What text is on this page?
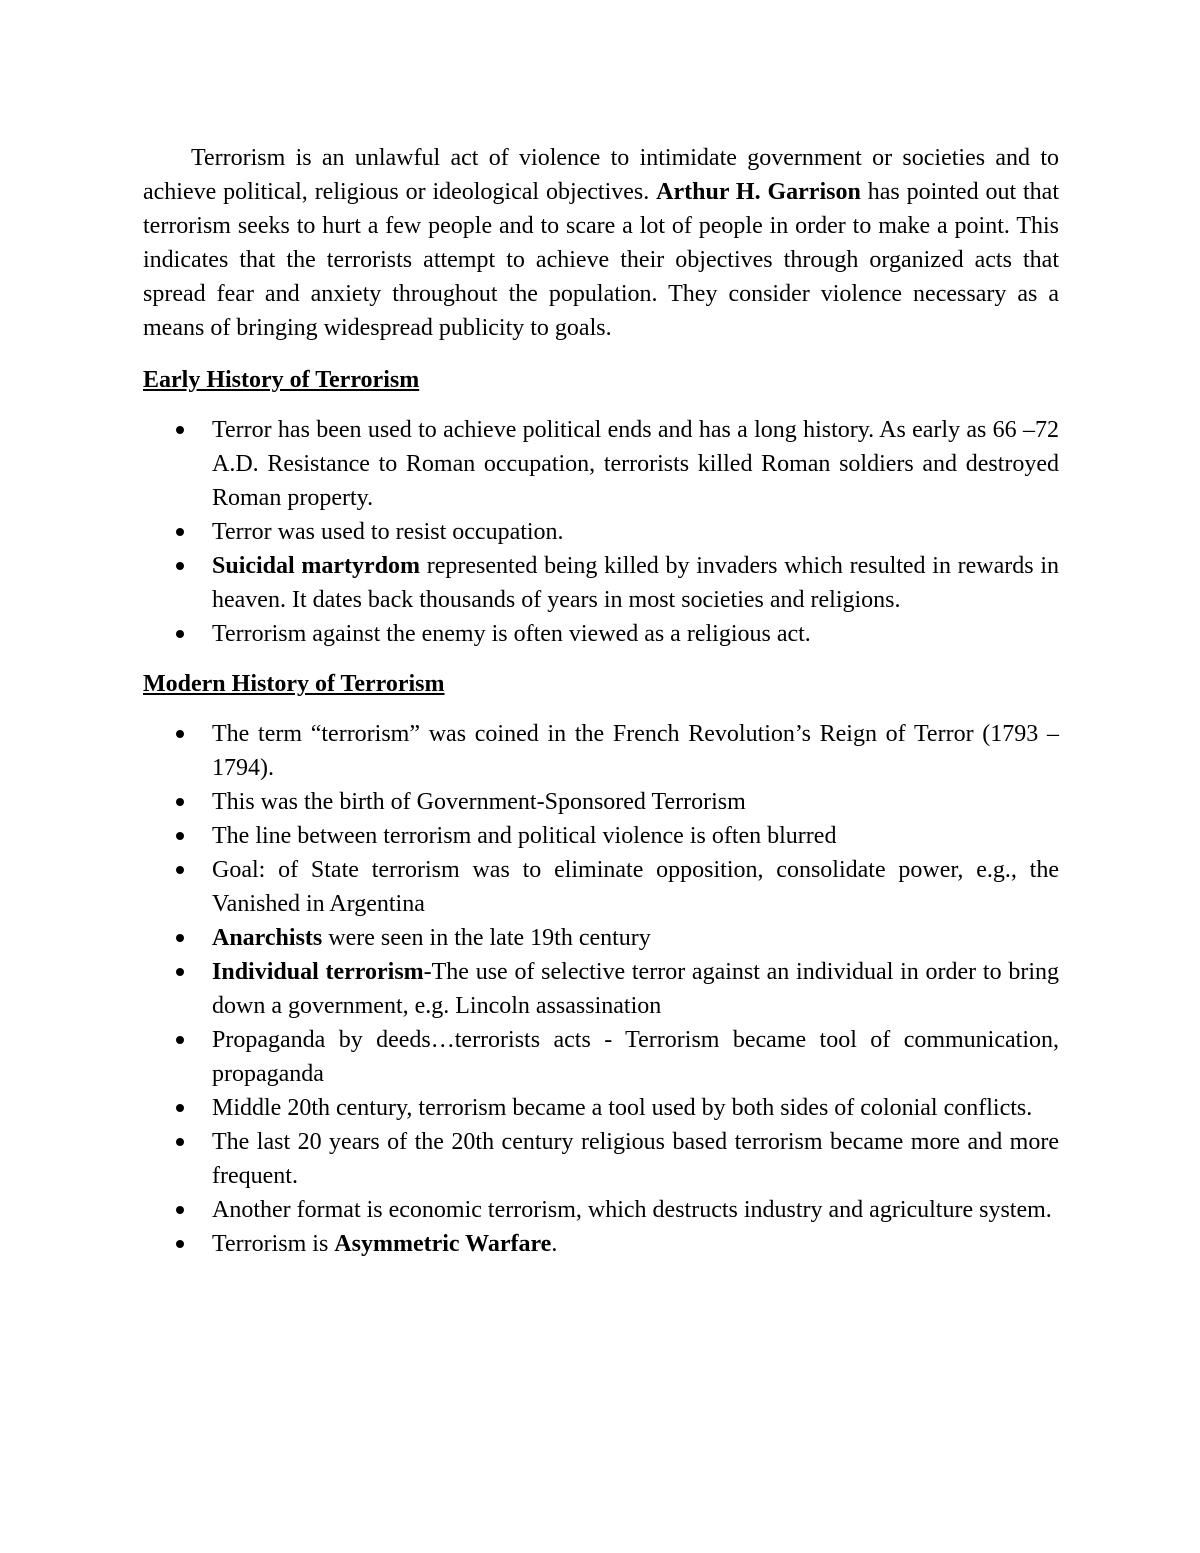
Terrorism is an unlawful act of violence to intimidate government or societies and to achieve political, religious or ideological objectives. Arthur H. Garrison has pointed out that terrorism seeks to hurt a few people and to scare a lot of people in order to make a point. This indicates that the terrorists attempt to achieve their objectives through organized acts that spread fear and anxiety throughout the population. They consider violence necessary as a means of bringing widespread publicity to goals.

Early History of Terrorism
Terror has been used to achieve political ends and has a long history. As early as 66 –72 A.D. Resistance to Roman occupation, terrorists killed Roman soldiers and destroyed Roman property.
Terror was used to resist occupation.
Suicidal martyrdom represented being killed by invaders which resulted in rewards in heaven. It dates back thousands of years in most societies and religions.
Terrorism against the enemy is often viewed as a religious act.
Modern History of Terrorism
The term “terrorism” was coined in the French Revolution’s Reign of Terror (1793 – 1794).
This was the birth of Government-Sponsored Terrorism
The line between terrorism and political violence is often blurred
Goal: of State terrorism was to eliminate opposition, consolidate power, e.g., the Vanished in Argentina
Anarchists were seen in the late 19th century
Individual terrorism-The use of selective terror against an individual in order to bring down a government, e.g. Lincoln assassination
Propaganda by deeds…terrorists acts - Terrorism became tool of communication, propaganda
Middle 20th century, terrorism became a tool used by both sides of colonial conflicts.
The last 20 years of the 20th century religious based terrorism became more and more frequent.
Another format is economic terrorism, which destructs industry and agriculture system.
Terrorism is Asymmetric Warfare.
